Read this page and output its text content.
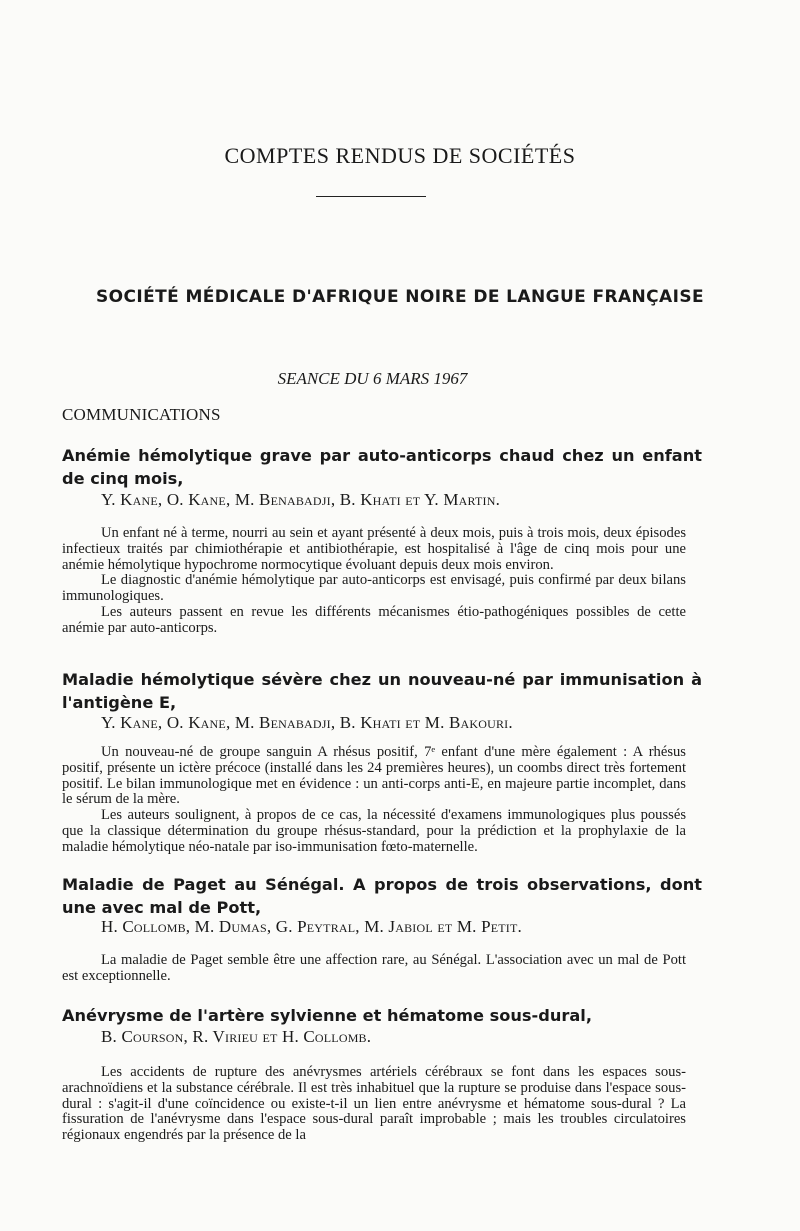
COMPTES RENDUS DE SOCIÉTÉS
SOCIÉTÉ MÉDICALE D'AFRIQUE NOIRE DE LANGUE FRANÇAISE
SEANCE DU 6 MARS 1967
COMMUNICATIONS
Anémie hémolytique grave par auto-anticorps chaud chez un enfant de cinq mois,
Y. Kane, O. Kane, M. Benabadji, B. Khati et Y. Martin.

Un enfant né à terme, nourri au sein et ayant présenté à deux mois, puis à trois mois, deux épisodes infectieux traités par chimiothérapie et antibiothérapie, est hospitalisé à l'âge de cinq mois pour une anémie hémolytique hypochrome normocytique évoluant depuis deux mois environ.

Le diagnostic d'anémie hémolytique par auto-anticorps est envisagé, puis confirmé par deux bilans immunologiques.

Les auteurs passent en revue les différents mécanismes étio-pathogéniques possibles de cette anémie par auto-anticorps.

Maladie hémolytique sévère chez un nouveau-né par immunisation à l'antigène E,
Y. Kane, O. Kane, M. Benabadji, B. Khati et M. Bakouri.

Un nouveau-né de groupe sanguin A rhésus positif, 7ᵉ enfant d'une mère également : A rhésus positif, présente un ictère précoce (installé dans les 24 premières heures), un coombs direct très fortement positif. Le bilan immunologique met en évidence : un anti-corps anti-E, en majeure partie incomplet, dans le sérum de la mère.

Les auteurs soulignent, à propos de ce cas, la nécessité d'examens immunologiques plus poussés que la classique détermination du groupe rhésus-standard, pour la prédiction et la prophylaxie de la maladie hémolytique néo-natale par iso-immunisation fœto-maternelle.

Maladie de Paget au Sénégal. A propos de trois observations, dont une avec mal de Pott,
H. Collomb, M. Dumas, G. Peytral, M. Jabiol et M. Petit.

La maladie de Paget semble être une affection rare, au Sénégal. L'association avec un mal de Pott est exceptionnelle.

Anévrysme de l'artère sylvienne et hématome sous-dural,
B. Courson, R. Virieu et H. Collomb.

Les accidents de rupture des anévrysmes artériels cérébraux se font dans les espaces sous-arachnoïdiens et la substance cérébrale. Il est très inhabituel que la rupture se produise dans l'espace sous-dural : s'agit-il d'une coïncidence ou existe-t-il un lien entre anévrysme et hématome sous-dural ? La fissuration de l'anévrysme dans l'espace sous-dural paraît improbable ; mais les troubles circulatoires régionaux engendrés par la présence de la
